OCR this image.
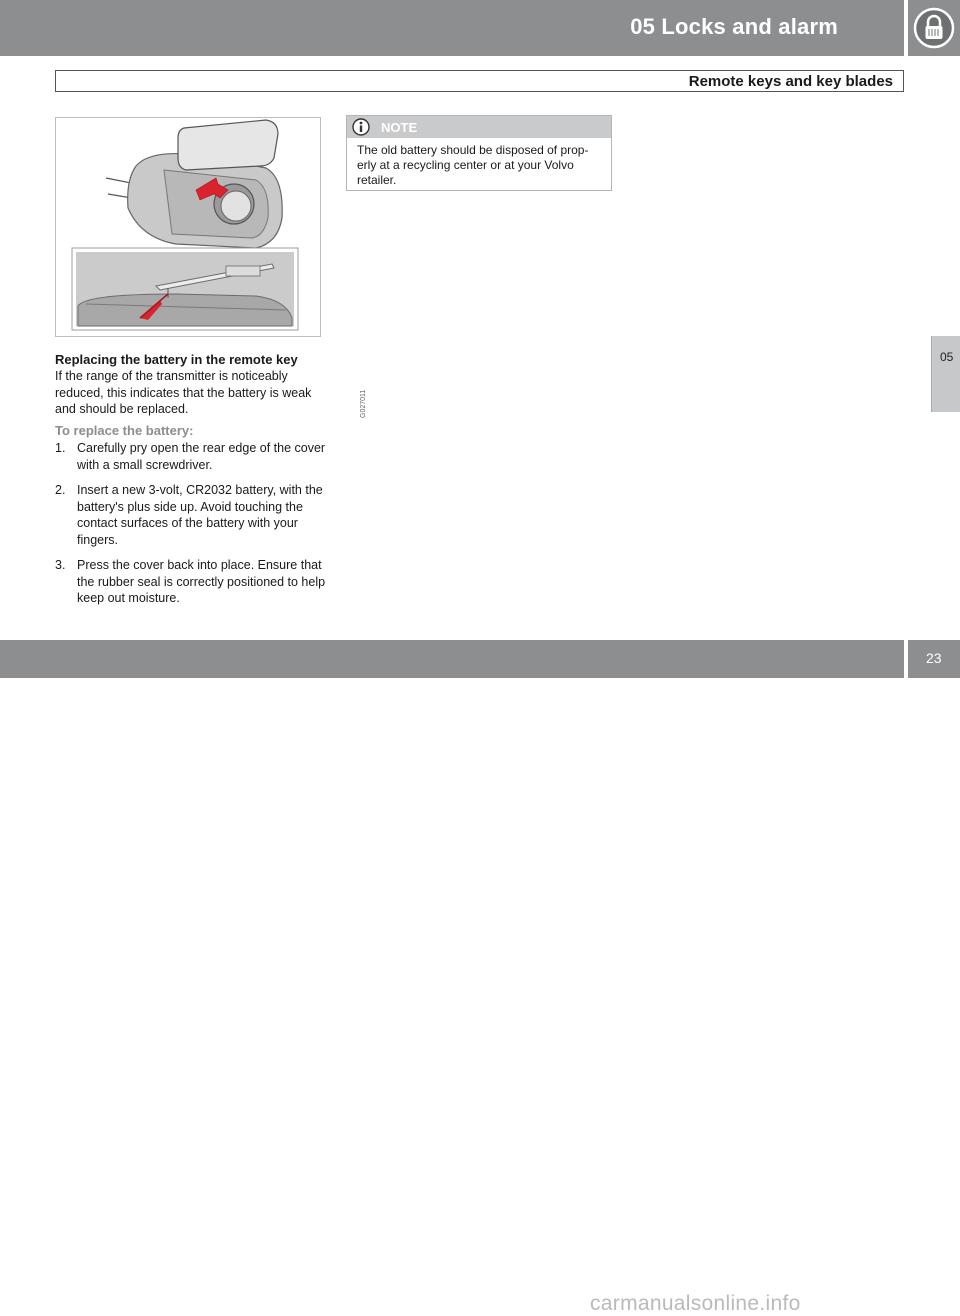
05 Locks and alarm
Remote keys and key blades
05
G027011
Replacing the battery in the remote key
If the range of the transmitter is noticeably reduced, this indicates that the battery is weak and should be replaced.
To replace the battery:
1. Carefully pry open the rear edge of the cover with a small screwdriver.
2. Insert a new 3-volt, CR2032 battery, with the battery's plus side up. Avoid touching the contact surfaces of the battery with your fingers.
3. Press the cover back into place. Ensure that the rubber seal is correctly positioned to help keep out moisture.
NOTE
The old battery should be disposed of prop-erly at a recycling center or at your Volvo retailer.
carmanualsonline.info
23
